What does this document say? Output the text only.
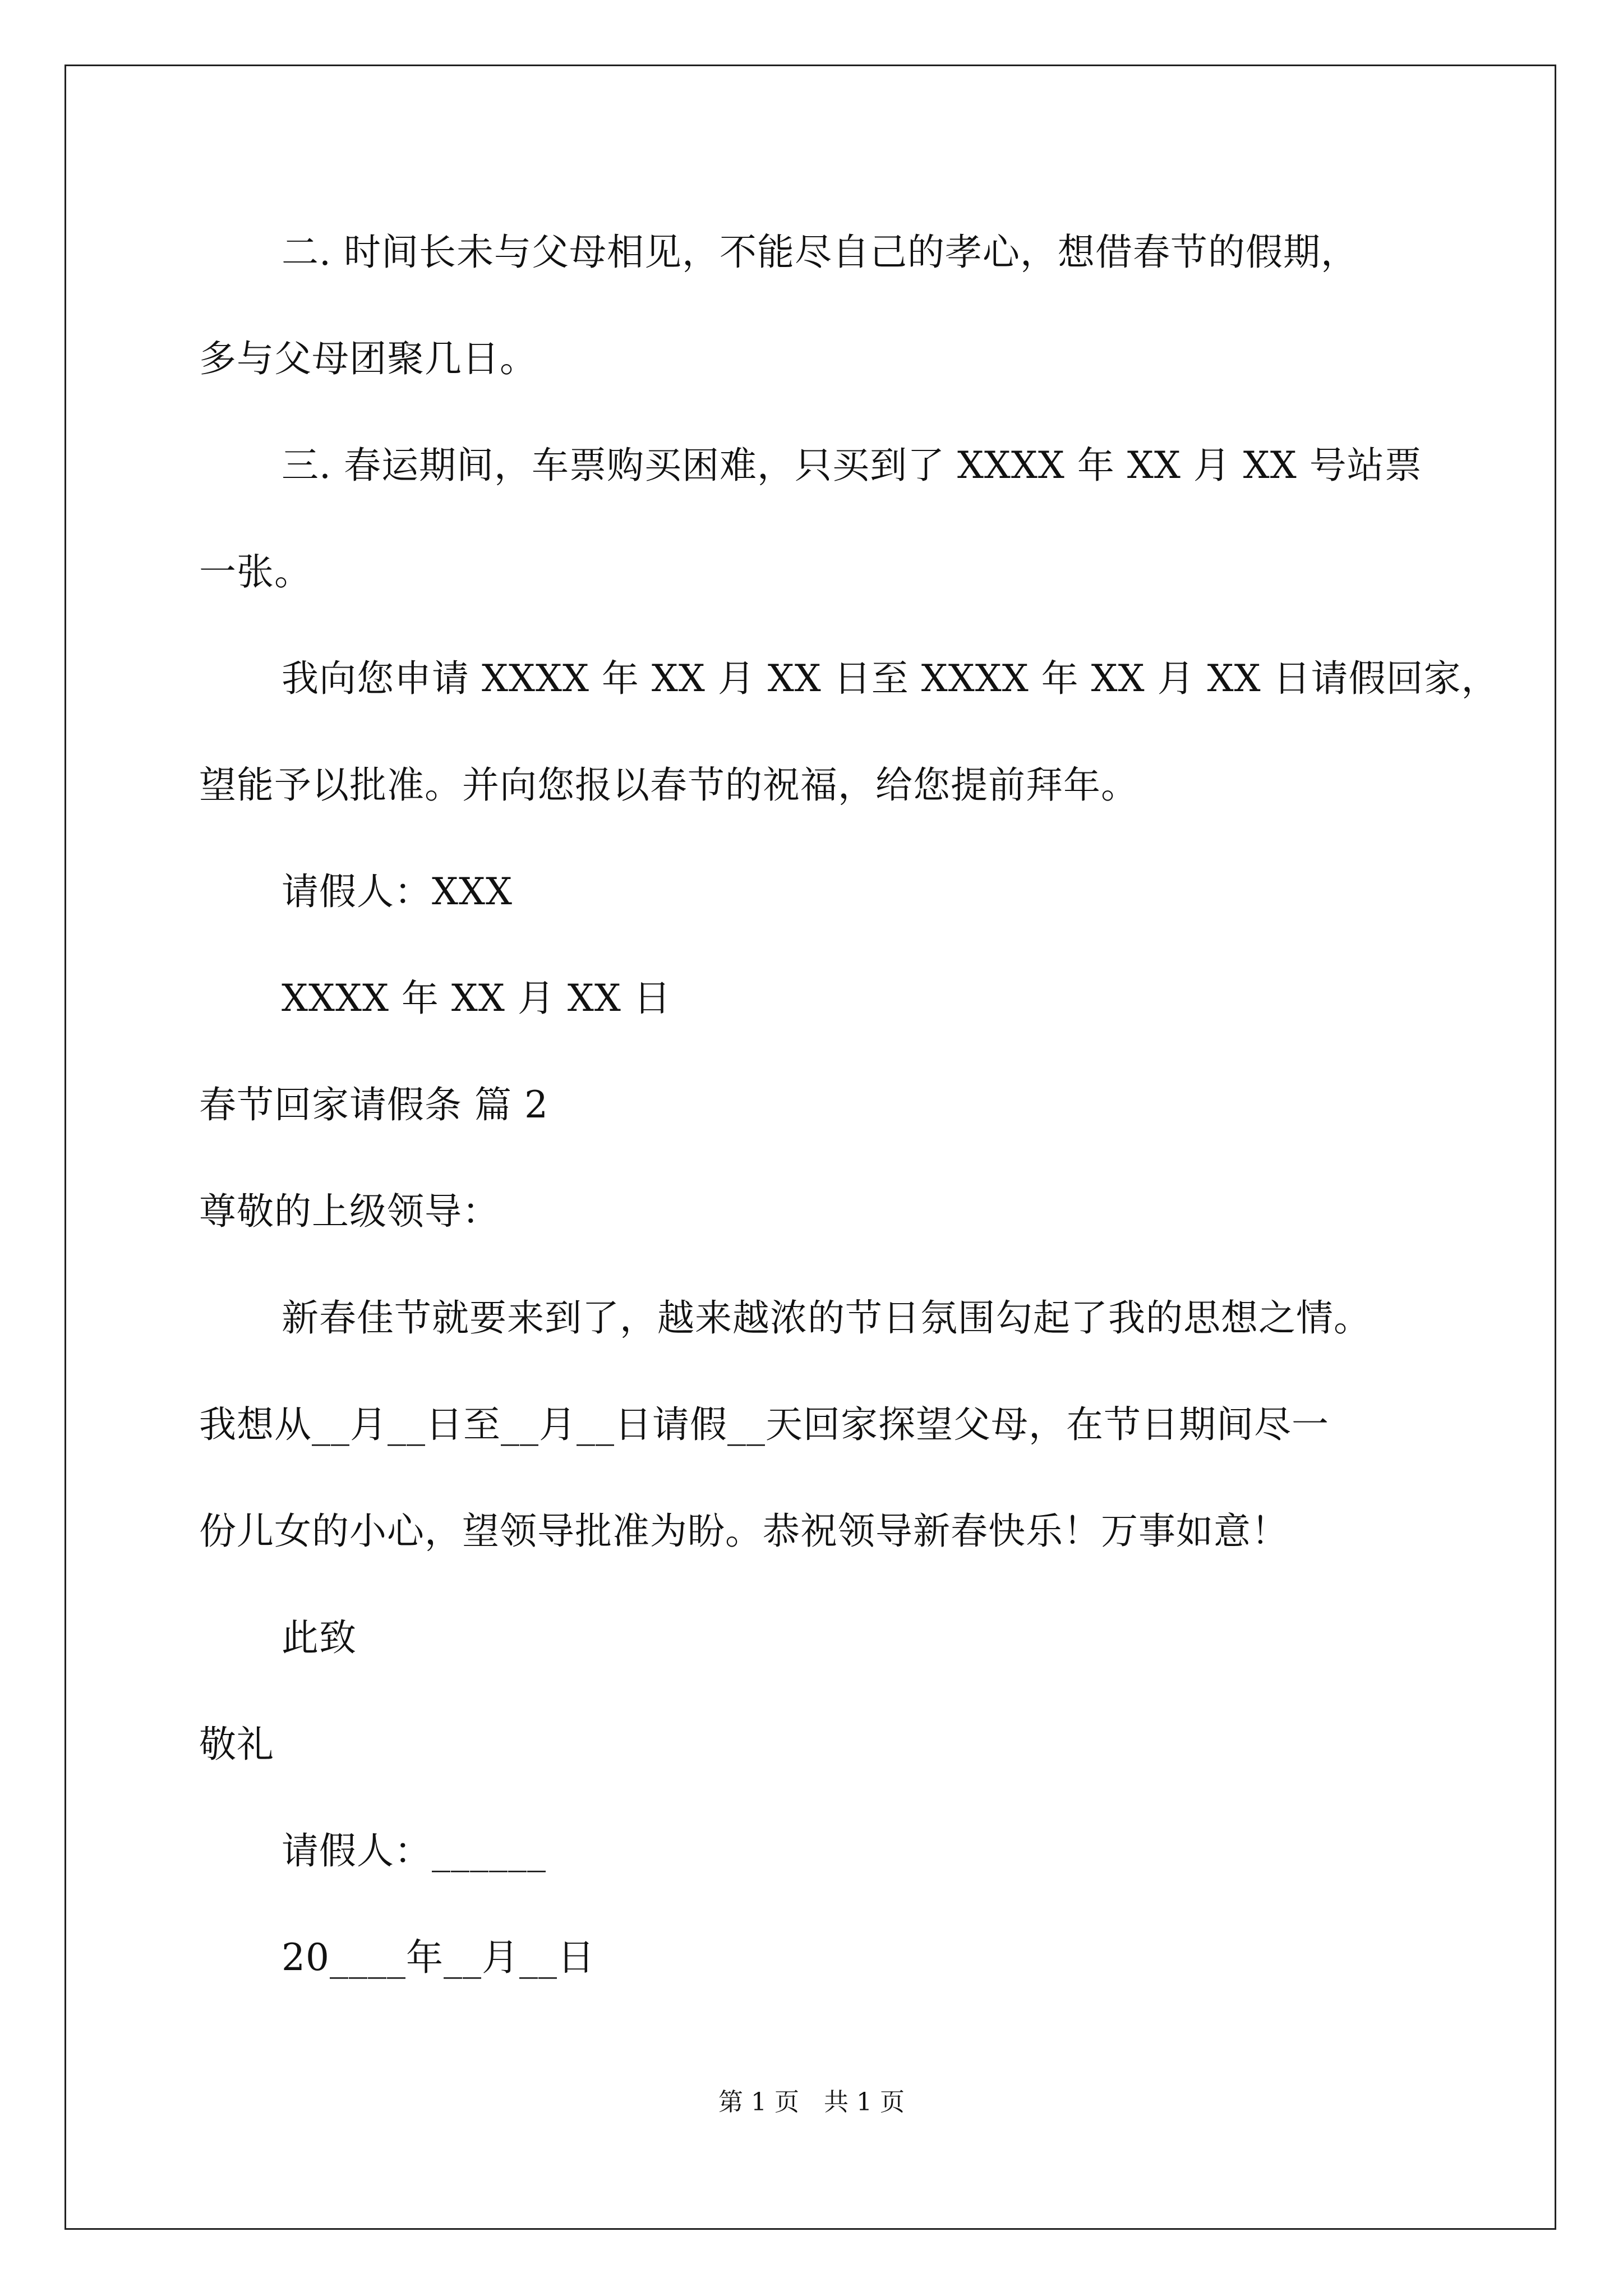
二. 时间长未与父母相见，不能尽自己的孝心，想借春节的假期，
多与父母团聚几日。
三. 春运期间，车票购买困难，只买到了 XXXX 年 XX 月 XX 号站票
一张。
我向您申请 XXXX 年 XX 月 XX 日至 XXXX 年 XX 月 XX 日请假回家，
望能予以批准。并向您报以春节的祝福，给您提前拜年。
请假人：XXX
XXXX 年 XX 月 XX 日
春节回家请假条 篇 2
尊敬的上级领导：
新春佳节就要来到了，越来越浓的节日氛围勾起了我的思想之情。
我想从__月__日至__月__日请假__天回家探望父母，在节日期间尽一
份儿女的小心，望领导批准为盼。恭祝领导新春快乐！万事如意！
此致
敬礼
请假人：______
20____年__月__日
第 1 页　共 1 页
